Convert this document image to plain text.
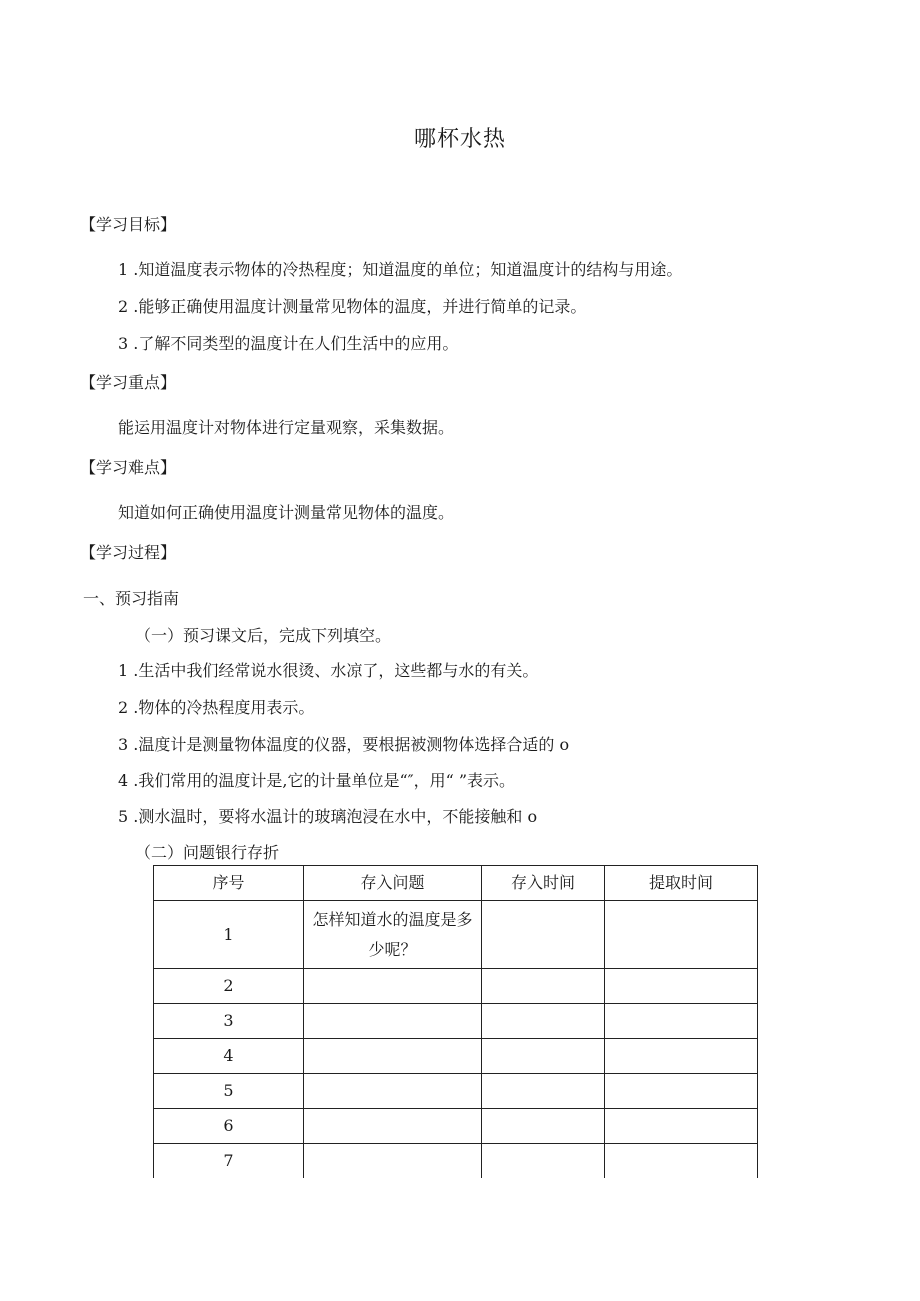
哪杯水热
【学习目标】
1 .知道温度表示物体的冷热程度；知道温度的单位；知道温度计的结构与用途。
2 .能够正确使用温度计测量常见物体的温度，并进行简单的记录。
3 .了解不同类型的温度计在人们生活中的应用。
【学习重点】
能运用温度计对物体进行定量观察，采集数据。
【学习难点】
知道如何正确使用温度计测量常见物体的温度。
【学习过程】
一、预习指南
（一）预习课文后，完成下列填空。
1 .生活中我们经常说水很烫、水凉了，这些都与水的有关。
2 .物体的冷热程度用表示。
3 .温度计是测量物体温度的仪器，要根据被测物体选择合适的 o
4 .我们常用的温度计是,它的计量单位是“″，用“ ”表示。
5 .测水温时，要将水温计的玻璃泡浸在水中，不能接触和 o
（二）问题银行存折
序号	存入问题	存入时间	提取时间
1	怎样知道水的温度是多少呢？		

2			
3			
4			
5			
6			
7			
